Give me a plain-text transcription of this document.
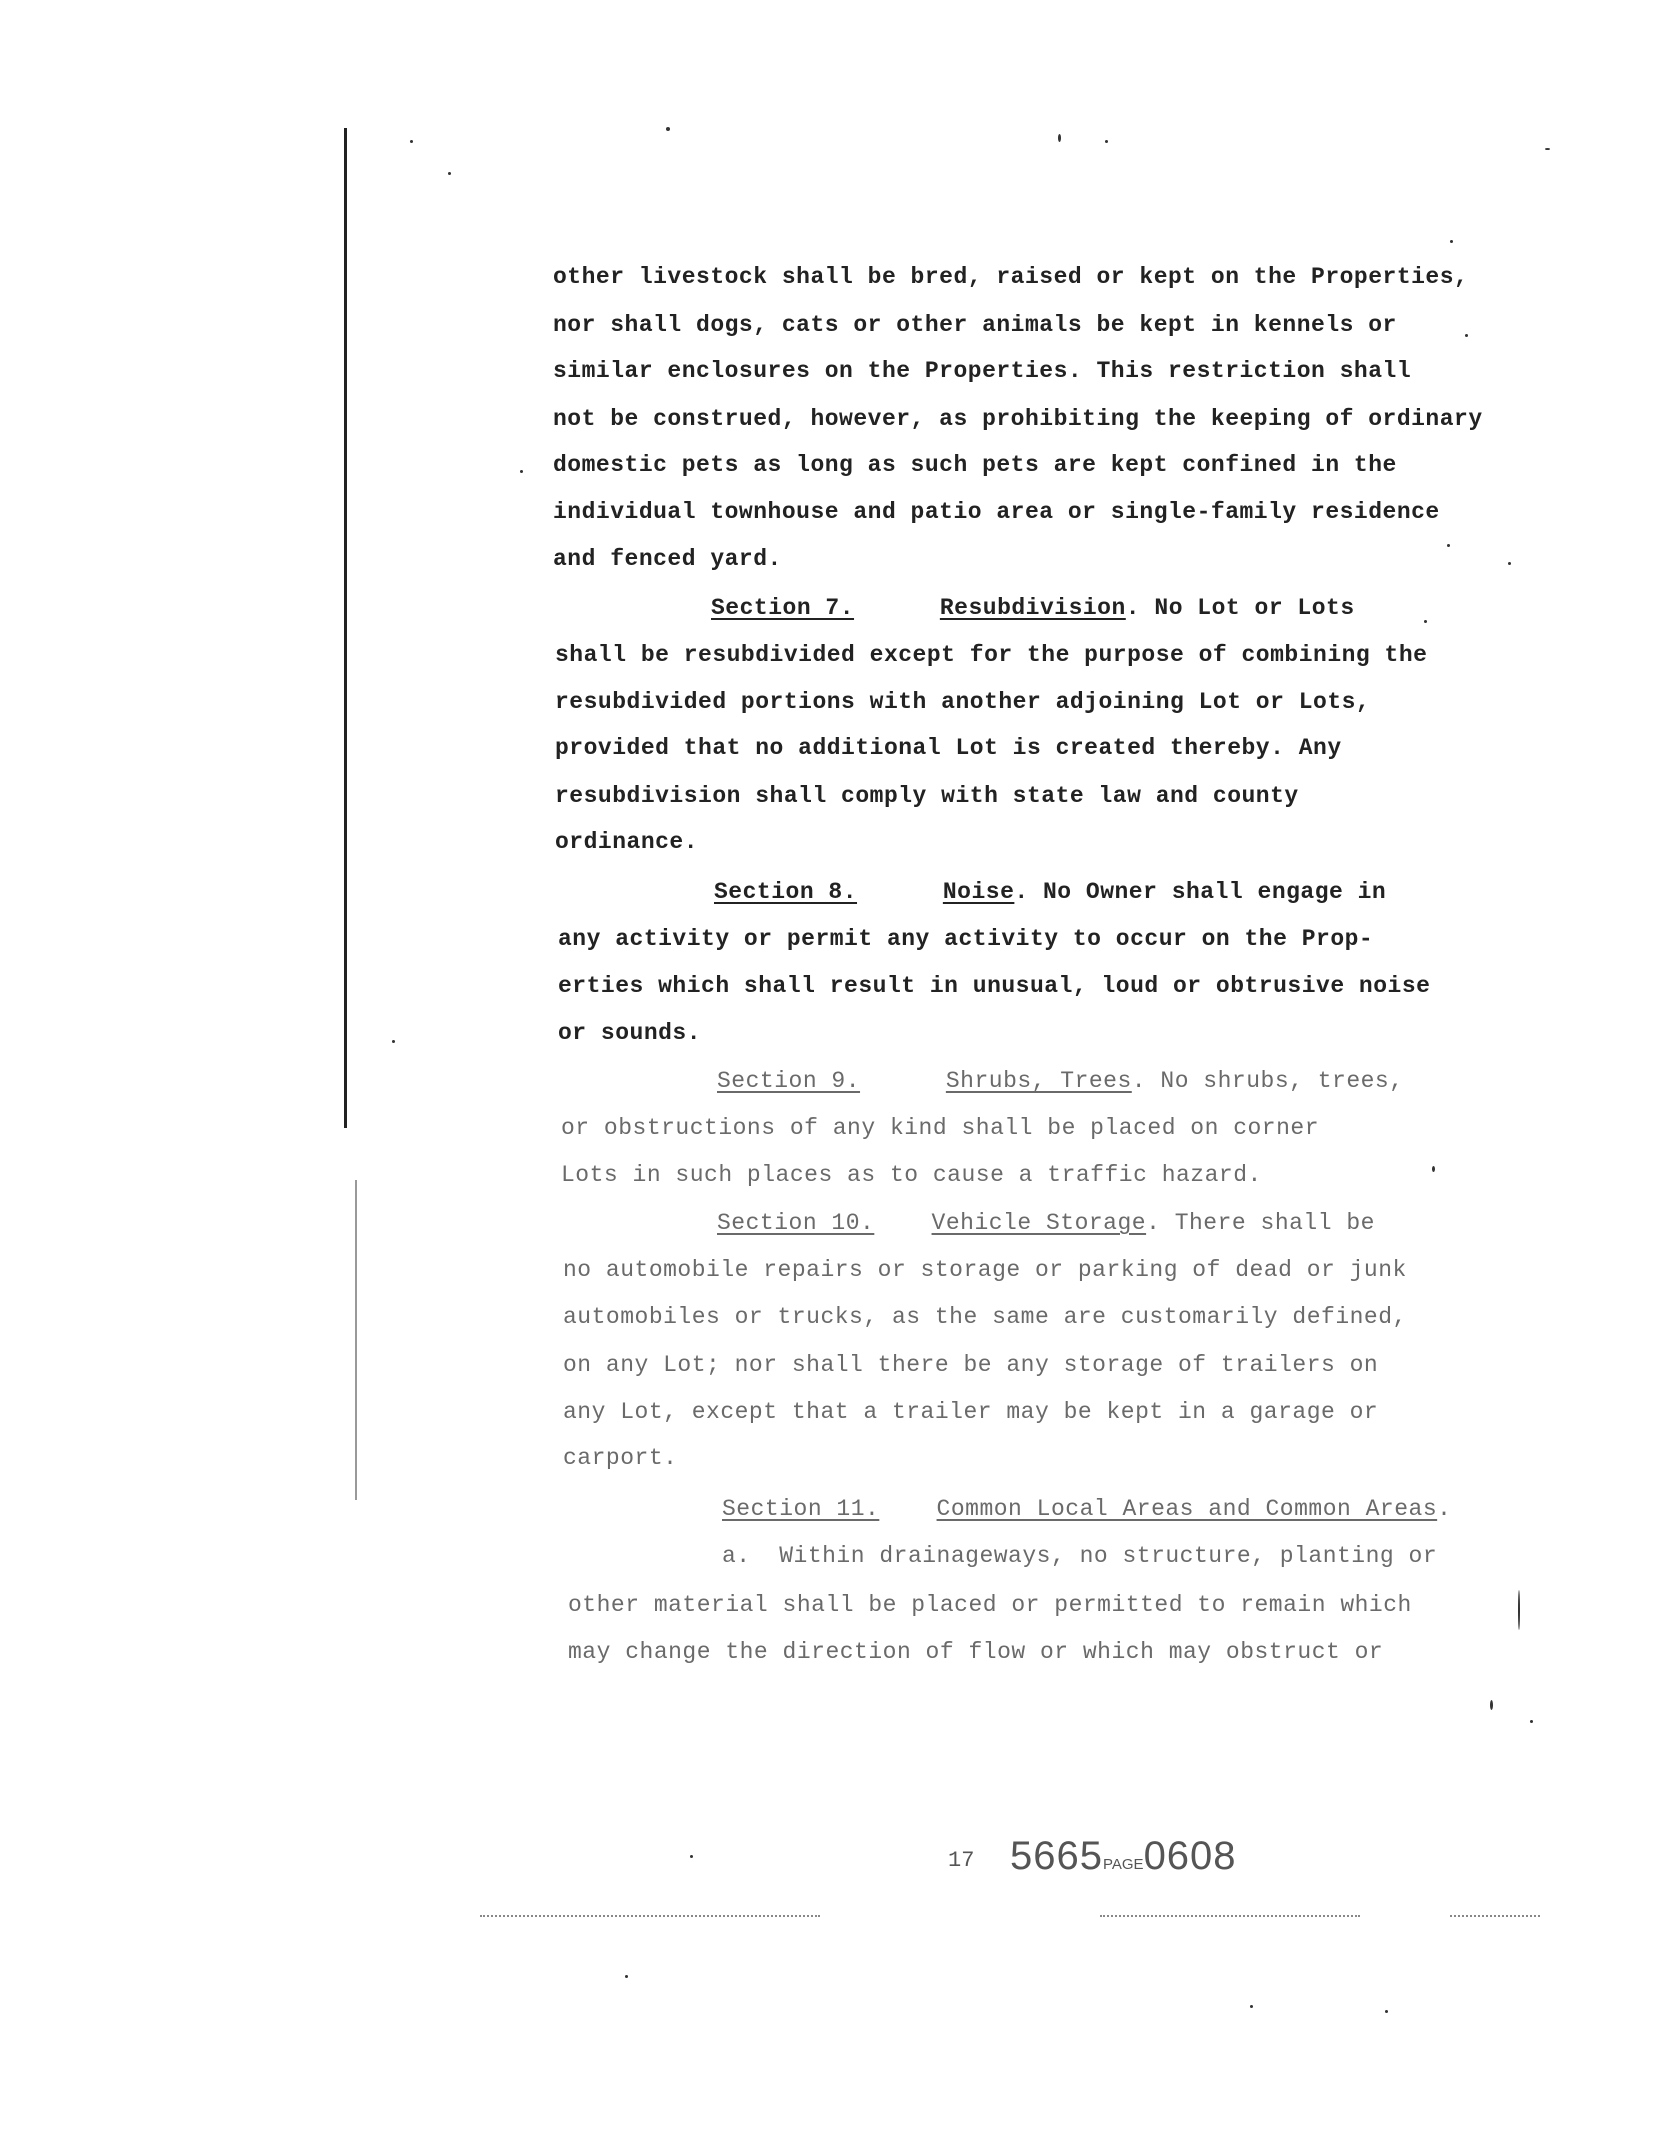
other livestock shall be bred, raised or kept on the Properties,
nor shall dogs, cats or other animals be kept in kennels or
similar enclosures on the Properties. This restriction shall
not be construed, however, as prohibiting the keeping of ordinary
domestic pets as long as such pets are kept confined in the
individual townhouse and patio area or single-family residence
and fenced yard.
Section 7.	Resubdivision. No Lot or Lots
shall be resubdivided except for the purpose of combining the
resubdivided portions with another adjoining Lot or Lots,
provided that no additional Lot is created thereby. Any
resubdivision shall comply with state law and county
ordinance.
Section 8.	Noise. No Owner shall engage in
any activity or permit any activity to occur on the Prop-
erties which shall result in unusual, loud or obtrusive noise
or sounds.
Section 9.	Shrubs, Trees. No shrubs, trees,
or obstructions of any kind shall be placed on corner
Lots in such places as to cause a traffic hazard.
Section 10. Vehicle Storage. There shall be
no automobile repairs or storage or parking of dead or junk
automobiles or trucks, as the same are customarily defined,
on any Lot; nor shall there be any storage of trailers on
any Lot, except that a trailer may be kept in a garage or
carport.
Section 11. Common Local Areas and Common Areas.
a. Within drainageways, no structure, planting or
other material shall be placed or permitted to remain which
may change the direction of flow or which may obstruct or
17 5665PAGE0608
